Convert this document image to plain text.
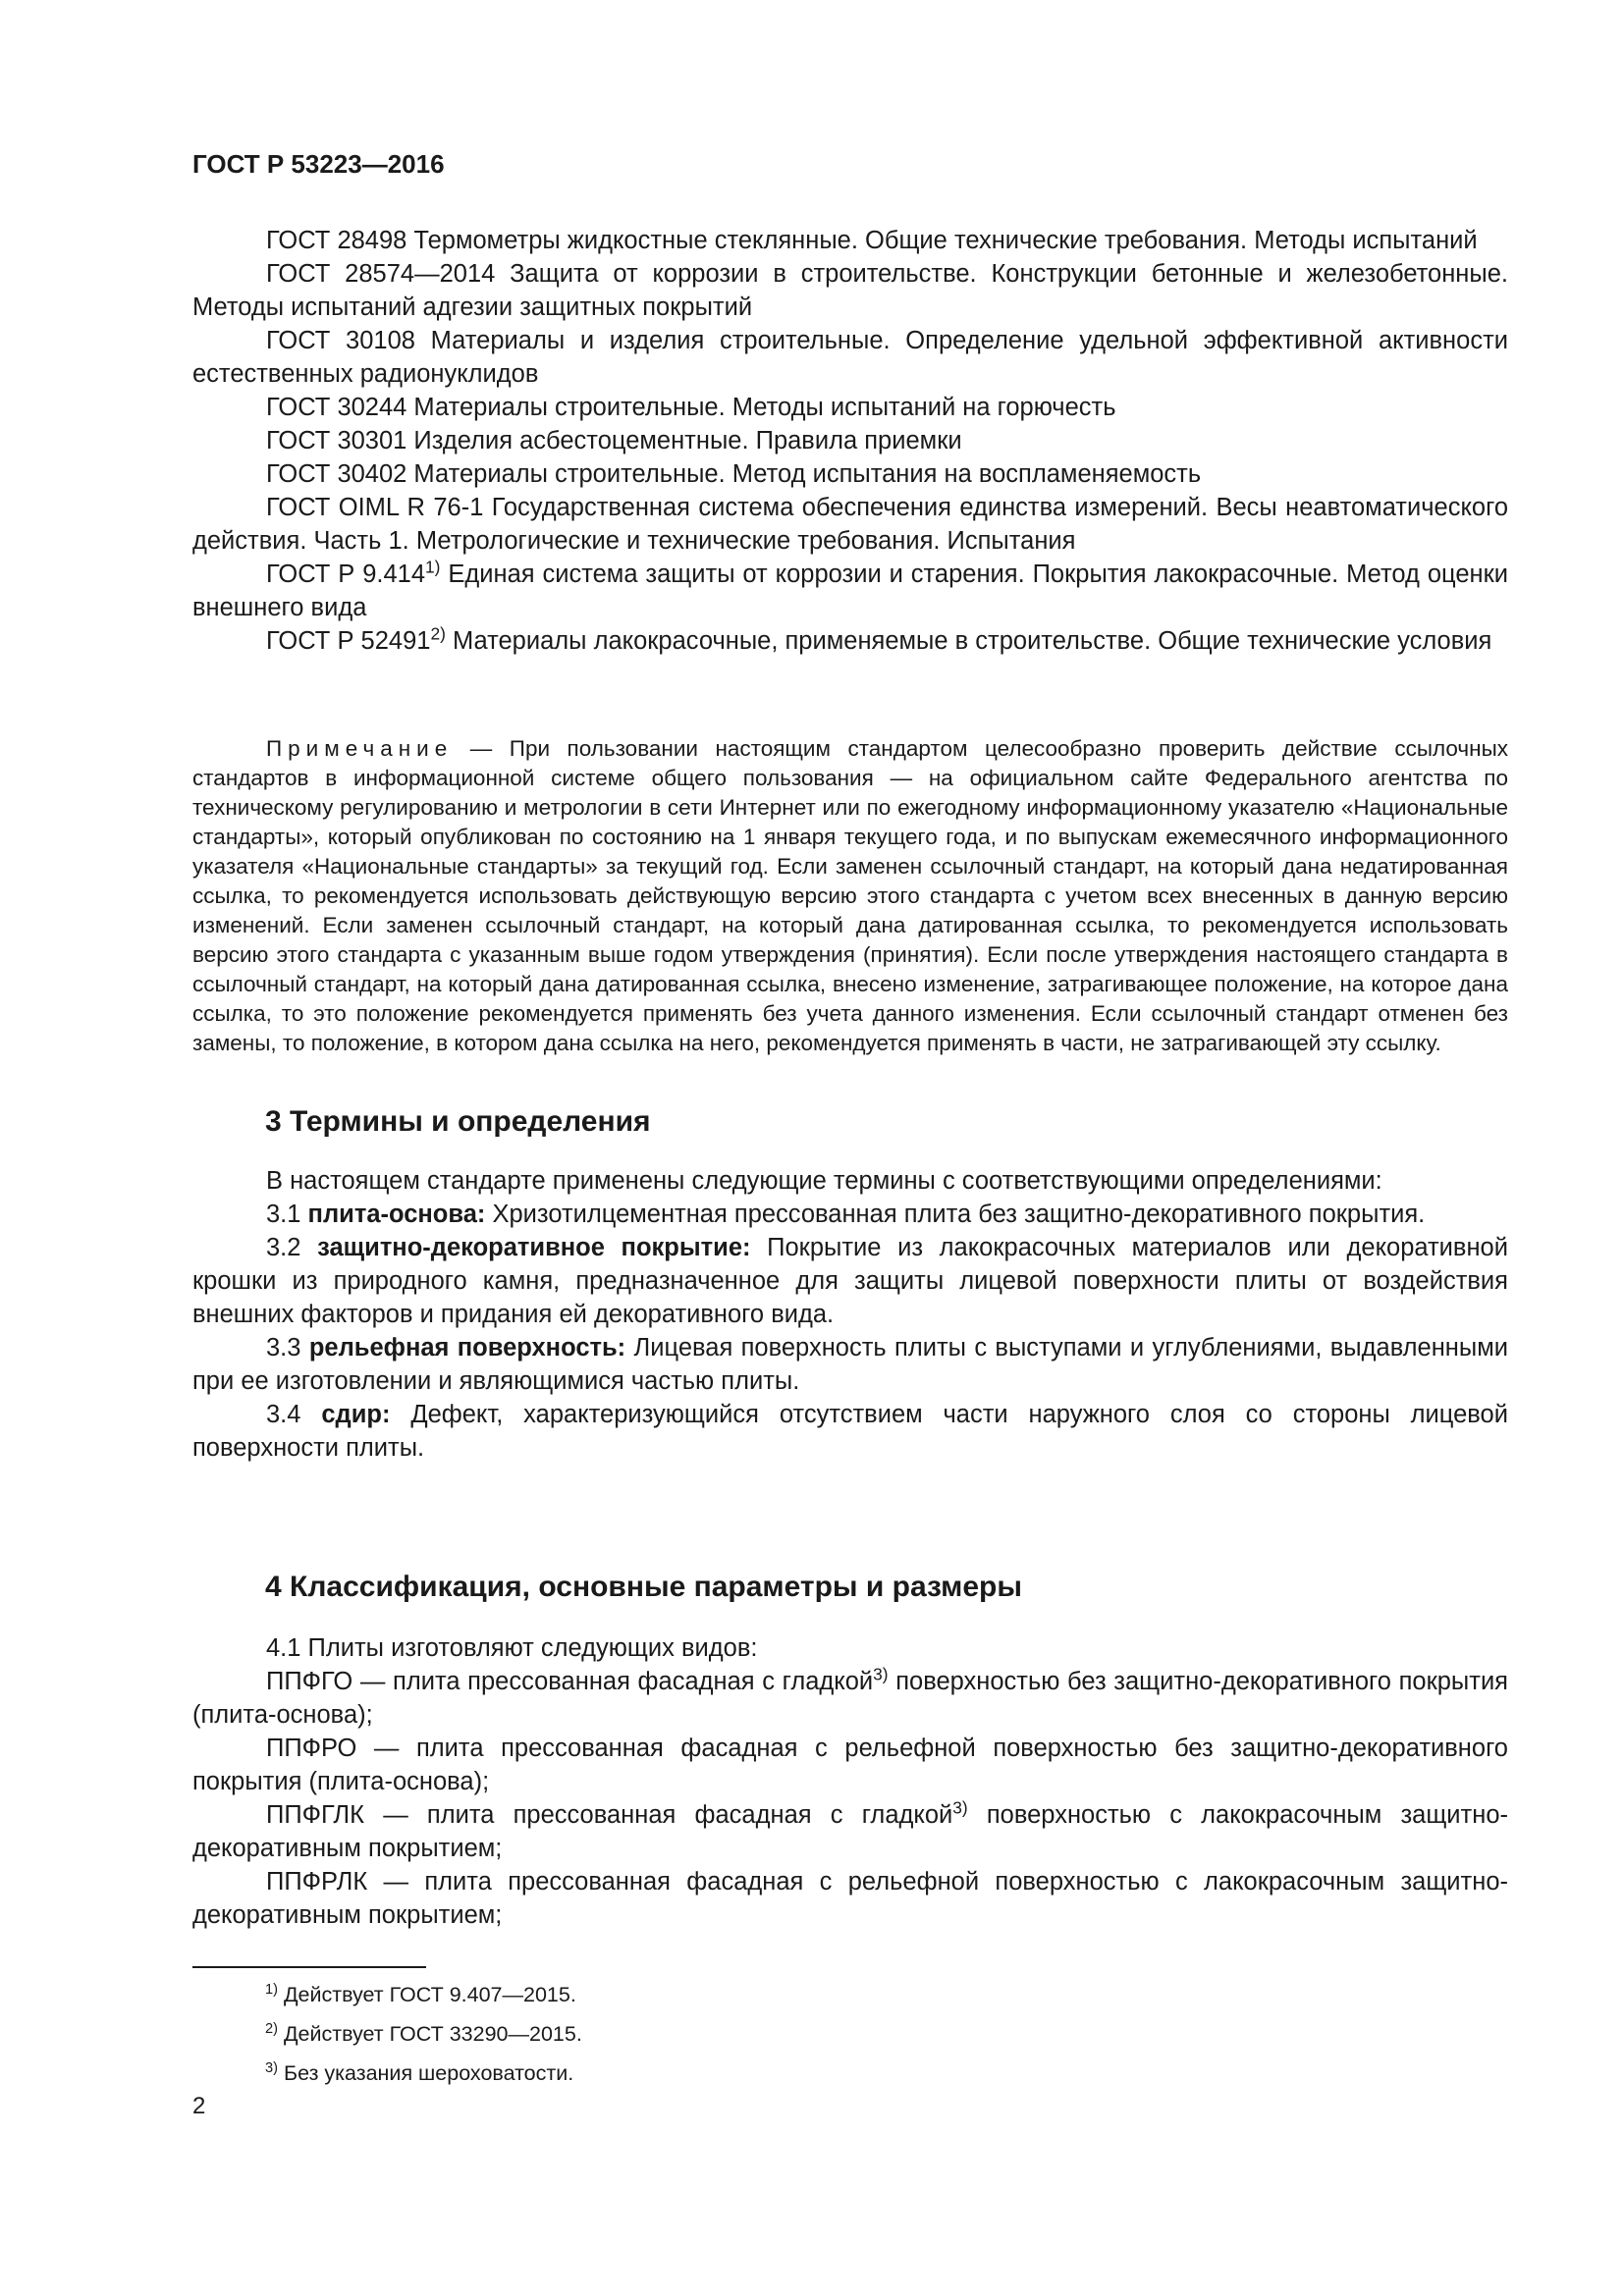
ГОСТ Р 53223—2016

ГОСТ 28498 Термометры жидкостные стеклянные. Общие технические требования. Методы испытаний

ГОСТ 28574—2014 Защита от коррозии в строительстве. Конструкции бетонные и железобетонные. Методы испытаний адгезии защитных покрытий

ГОСТ 30108 Материалы и изделия строительные. Определение удельной эффективной активности естественных радионуклидов

ГОСТ 30244 Материалы строительные. Методы испытаний на горючесть

ГОСТ 30301 Изделия асбестоцементные. Правила приемки

ГОСТ 30402 Материалы строительные. Метод испытания на воспламеняемость

ГОСТ OIML R 76-1 Государственная система обеспечения единства измерений. Весы неавтоматического действия. Часть 1. Метрологические и технические требования. Испытания

ГОСТ Р 9.414$^{1)}$ Единая система защиты от коррозии и старения. Покрытия лакокрасочные. Метод оценки внешнего вида

ГОСТ Р 52491$^{2)}$ Материалы лакокрасочные, применяемые в строительстве. Общие технические условия

Примечание — При пользовании настоящим стандартом целесообразно проверить действие ссылочных стандартов в информационной системе общего пользования — на официальном сайте Федерального агентства по техническому регулированию и метрологии в сети Интернет или по ежегодному информационному указателю «Национальные стандарты», который опубликован по состоянию на 1 января текущего года, и по выпускам ежемесячного информационного указателя «Национальные стандарты» за текущий год. Если заменен ссылочный стандарт, на который дана недатированная ссылка, то рекомендуется использовать действующую версию этого стандарта с учетом всех внесенных в данную версию изменений. Если заменен ссылочный стандарт, на который дана датированная ссылка, то рекомендуется использовать версию этого стандарта с указанным выше годом утверждения (принятия). Если после утверждения настоящего стандарта в ссылочный стандарт, на который дана датированная ссылка, внесено изменение, затрагивающее положение, на которое дана ссылка, то это положение рекомендуется применять без учета данного изменения. Если ссылочный стандарт отменен без замены, то положение, в котором дана ссылка на него, рекомендуется применять в части, не затрагивающей эту ссылку.

3 Термины и определения

В настоящем стандарте применены следующие термины с соответствующими определениями:

3.1 плита-основа: Хризотилцементная прессованная плита без защитно-декоративного покрытия.

3.2 защитно-декоративное покрытие: Покрытие из лакокрасочных материалов или декоративной крошки из природного камня, предназначенное для защиты лицевой поверхности плиты от воздействия внешних факторов и придания ей декоративного вида.

3.3 рельефная поверхность: Лицевая поверхность плиты с выступами и углублениями, выдавленными при ее изготовлении и являющимися частью плиты.

3.4 сдир: Дефект, характеризующийся отсутствием части наружного слоя со стороны лицевой поверхности плиты.

4 Классификация, основные параметры и размеры

4.1 Плиты изготовляют следующих видов:

ППФГО — плита прессованная фасадная с гладкой$^{3)}$ поверхностью без защитно-декоративного покрытия (плита-основа);

ППФРО — плита прессованная фасадная с рельефной поверхностью без защитно-декоративного покрытия (плита-основа);

ППФГЛК — плита прессованная фасадная с гладкой$^{3)}$ поверхностью с лакокрасочным защитно-декоративным покрытием;

ППФРЛК — плита прессованная фасадная с рельефной поверхностью с лакокрасочным защитно-декоративным покрытием;

$^{1)}$ Действует ГОСТ 9.407—2015.
$^{2)}$ Действует ГОСТ 33290—2015.
$^{3)}$ Без указания шероховатости.
2
